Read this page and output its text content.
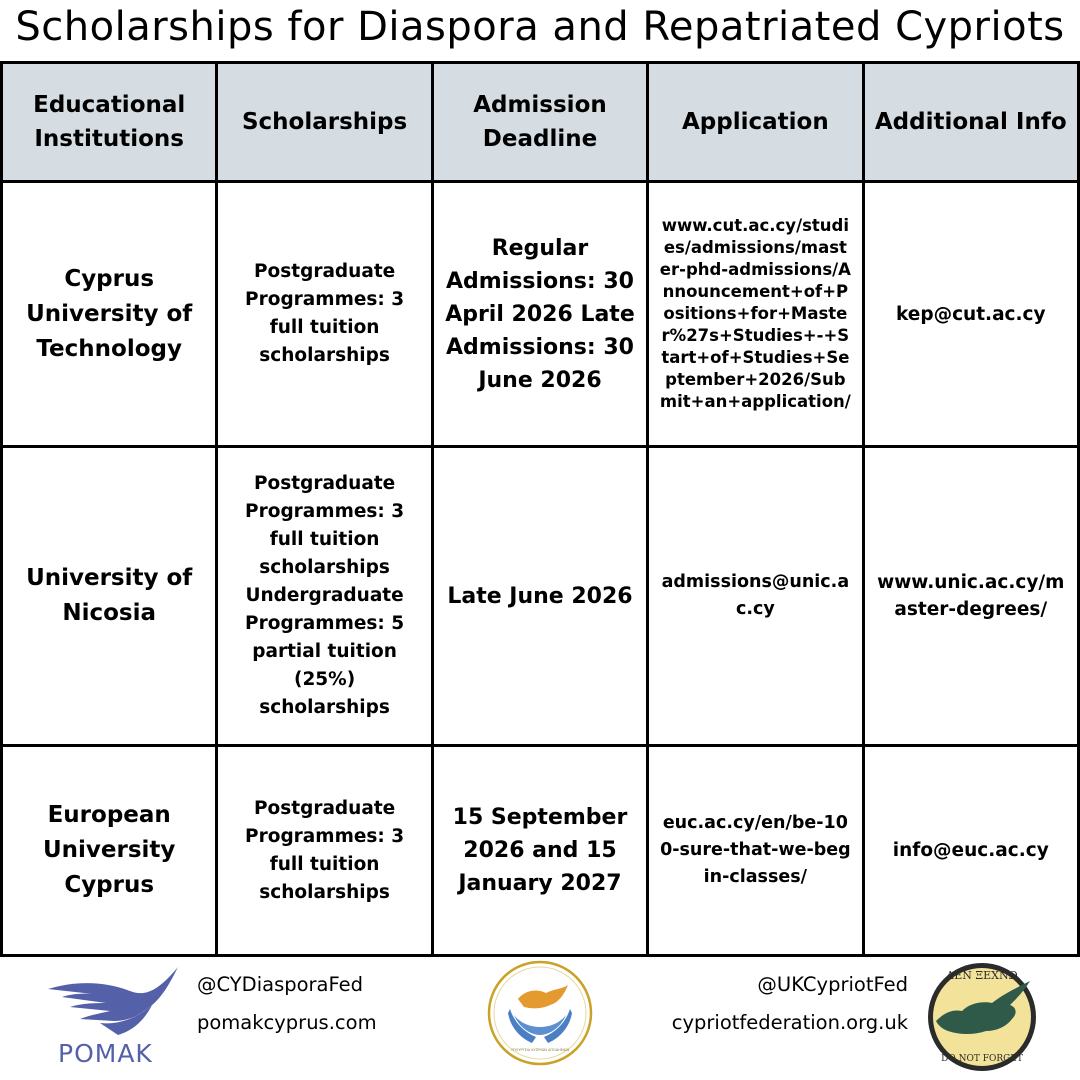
Scholarships for Diaspora and Repatriated Cypriots
Educational Institutions	Scholarships	Admission Deadline	Application	Additional Info
Cyprus University of Technology	Postgraduate Programmes: 3 full tuition scholarships	Regular Admissions: 30 April 2026 Late Admissions: 30 June 2026	www.cut.ac.cy/studies/admissions/master-phd-admissions/Announcement+of+Positions+for+Master%27s+Studies+-+Start+of+Studies+September+2026/Submit+an+application/	kep@cut.ac.cy
University of Nicosia	Postgraduate Programmes: 3 full tuition scholarships Undergraduate Programmes: 5 partial tuition (25%) scholarships	Late June 2026	admissions@unic.ac.cy	www.unic.ac.cy/master-degrees/
European University Cyprus	Postgraduate Programmes: 3 full tuition scholarships	15 September 2026 and 15 January 2027	euc.ac.cy/en/be-100-sure-that-we-begin-classes/	info@euc.ac.cy
POMAK
@CYDiasporaFed
pomakcyprus.com
ΥΠΟΥΡΓΕΙΑ ΚΥΠΡΙΩΝ ΑΠΟΔΗΜΩΝ
@UKCypriotFed
cypriotfederation.org.uk
ΔΕΝ ΞΕΧΝΩ
DO NOT FORGET
